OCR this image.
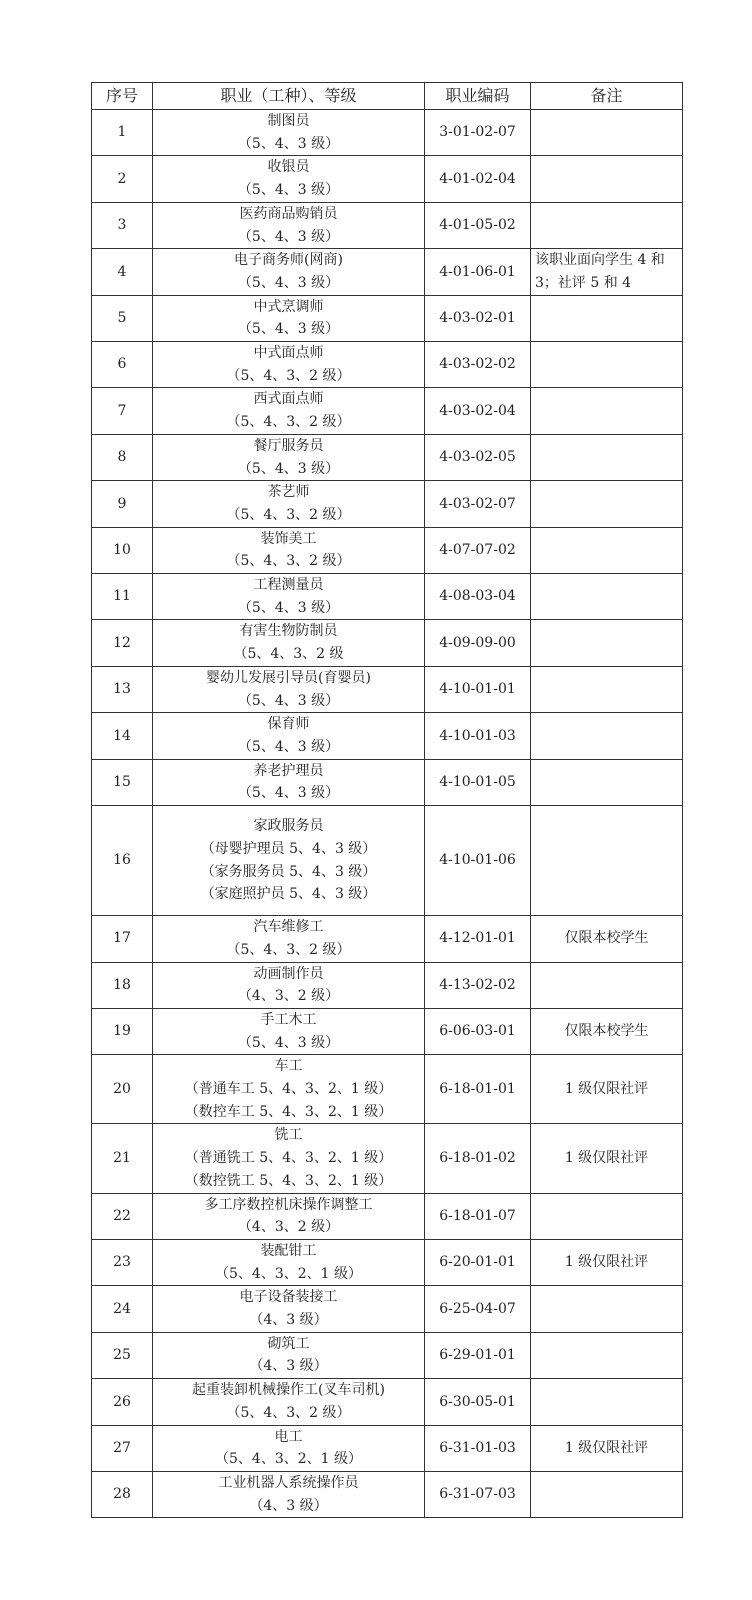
序号	职业（工种）、等级	职业编码	备注
1	制图员
（5、4、3 级）	3-01-02-07	
2	收银员
（5、4、3 级）	4-01-02-04	
3	医药商品购销员
（5、4、3 级）	4-01-05-02	
4	电子商务师(网商)
（5、4、3 级）	4-01-06-01	该职业面向学生 4 和 3；社评 5 和 4
5	中式烹调师
（5、4、3 级）	4-03-02-01	
6	中式面点师
（5、4、3、2 级）	4-03-02-02	
7	西式面点师
（5、4、3、2 级）	4-03-02-04	
8	餐厅服务员
（5、4、3 级）	4-03-02-05	
9	茶艺师
（5、4、3、2 级）	4-03-02-07	
10	装饰美工
（5、4、3、2 级）	4-07-07-02	
11	工程测量员
（5、4、3 级）	4-08-03-04	
12	有害生物防制员
（5、4、3、2 级	4-09-09-00	
13	婴幼儿发展引导员(育婴员)
（5、4、3 级）	4-10-01-01	
14	保育师
（5、4、3 级）	4-10-01-03	
15	养老护理员
（5、4、3 级）	4-10-01-05	
16	家政服务员
（母婴护理员 5、4、3 级）
（家务服务员 5、4、3 级）
（家庭照护员 5、4、3 级）	4-10-01-06	
17	汽车维修工
（5、4、3、2 级）	4-12-01-01	仅限本校学生
18	动画制作员
（4、3、2 级）	4-13-02-02	
19	手工木工
（5、4、3 级）	6-06-03-01	仅限本校学生
20	车工
（普通车工 5、4、3、2、1 级）
（数控车工 5、4、3、2、1 级）	6-18-01-01	1 级仅限社评
21	铣工
（普通铣工 5、4、3、2、1 级）
（数控铣工 5、4、3、2、1 级）	6-18-01-02	1 级仅限社评
22	多工序数控机床操作调整工
（4、3、2 级）	6-18-01-07	
23	装配钳工
（5、4、3、2、1 级）	6-20-01-01	1 级仅限社评
24	电子设备装接工
（4、3 级）	6-25-04-07	
25	砌筑工
（4、3 级）	6-29-01-01	
26	起重装卸机械操作工(叉车司机)
（5、4、3、2 级）	6-30-05-01	
27	电工
（5、4、3、2、1 级）	6-31-01-03	1 级仅限社评
28	工业机器人系统操作员
（4、3 级）	6-31-07-03	
